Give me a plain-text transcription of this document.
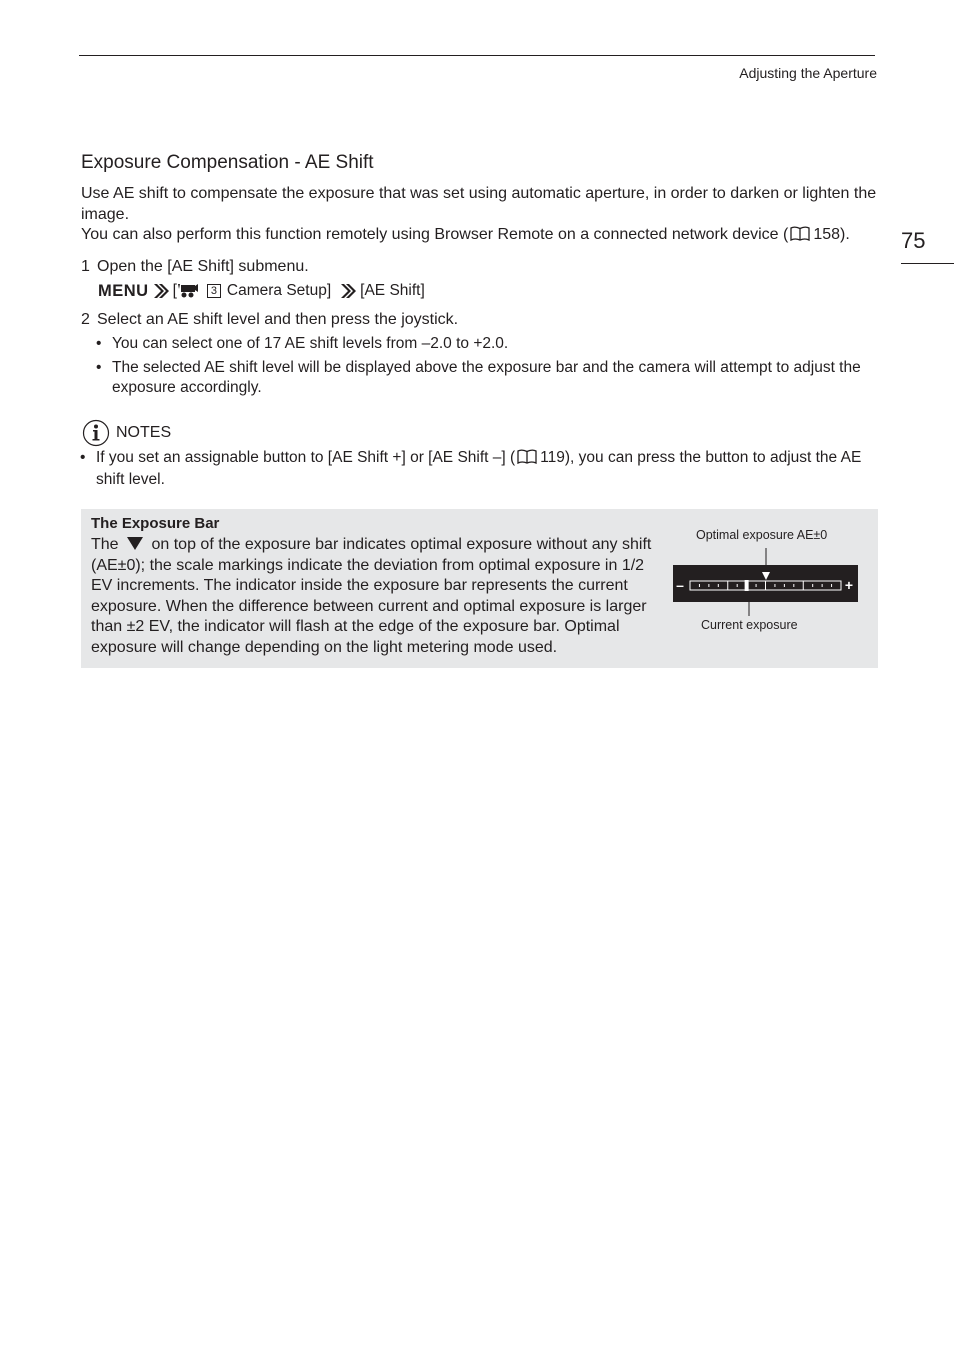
Adjusting the Aperture
75
Exposure Compensation - AE Shift
Use AE shift to compensate the exposure that was set using automatic aperture, in order to darken or lighten the image.
You can also perform this function remotely using Browser Remote on a connected network device ( 158).
1 Open the [AE Shift] submenu.
MENU [	3 Camera Setup] [AE Shift]
2 Select an AE shift level and then press the joystick.
• You can select one of 17 AE shift levels from –2.0 to +2.0.
• The selected AE shift level will be displayed above the exposure bar and the camera will attempt to adjust the exposure accordingly.
NOTES
• If you set an assignable button to [AE Shift +] or [AE Shift –] ( 119), you can press the button to adjust the AE shift level.
The Exposure Bar
The on top of the exposure bar indicates optimal exposure without any shift (AE±0); the scale markings indicate the deviation from optimal exposure in 1/2 EV increments. The indicator inside the exposure bar represents the current exposure. When the difference between current and optimal exposure is larger than ±2 EV, the indicator will flash at the edge of the exposure bar. Optimal exposure will change depending on the light metering mode used.
Optimal exposure AE±0
Current exposure
–	+
